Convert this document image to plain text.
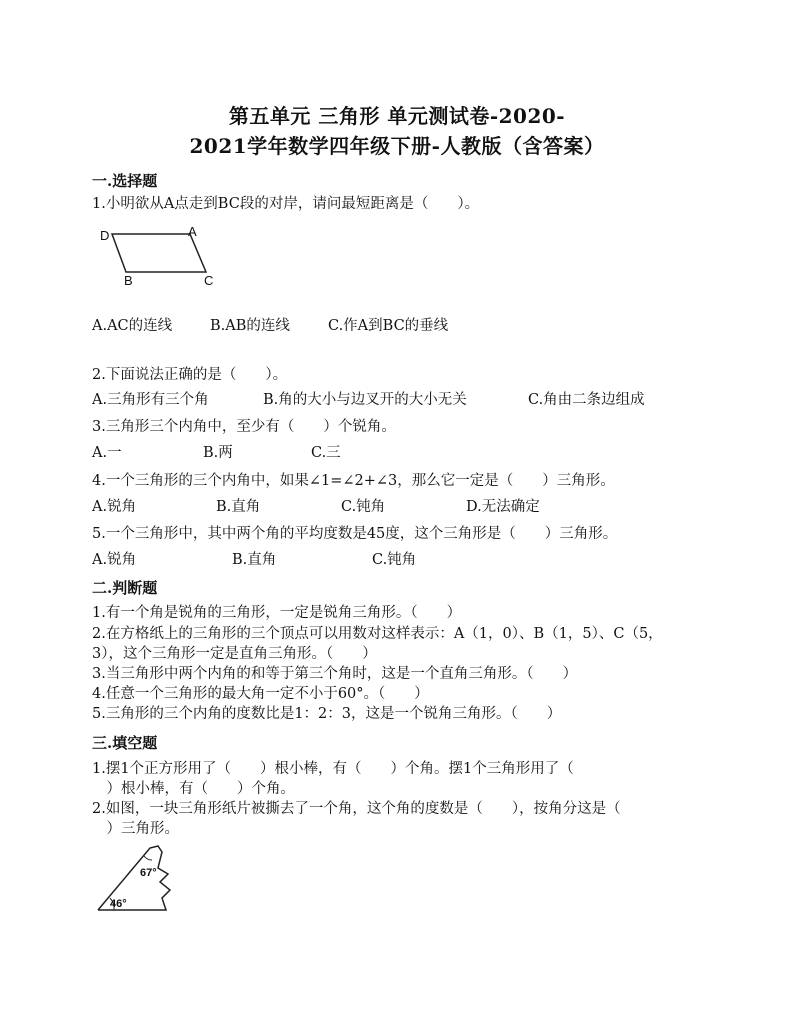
第五单元 三角形 单元测试卷-2020-
2021学年数学四年级下册-人教版（含答案）
一.选择题
1.小明欲从A点走到BC段的对岸，请问最短距离是（　　）。
D	A
B	C
A.AC的连线	B.AB的连线	C.作A到BC的垂线
2.下面说法正确的是（　　）。
A.三角形有三个角	B.角的大小与边叉开的大小无关	C.角由二条边组成
3.三角形三个内角中，至少有（　　）个锐角。
A.一	B.两	C.三
4.一个三角形的三个内角中，如果∠1=∠2+∠3，那么它一定是（　　）三角形。
A.锐角	B.直角	C.钝角	D.无法确定
5.一个三角形中，其中两个角的平均度数是45度，这个三角形是（　　）三角形。
A.锐角	B.直角	C.钝角
二.判断题
1.有一个角是锐角的三角形，一定是锐角三角形。（　　）
2.在方格纸上的三角形的三个顶点可以用数对这样表示：A（1，0）、B（1，5）、C（5，
3），这个三角形一定是直角三角形。（　　）
3.当三角形中两个内角的和等于第三个角时，这是一个直角三角形。（　　）
4.任意一个三角形的最大角一定不小于60°。（　　）
5.三角形的三个内角的度数比是1：2：3，这是一个锐角三角形。（　　）
三.填空题
1.摆1个正方形用了（　　）根小棒，有（　　）个角。摆1个三角形用了（
　）根小棒，有（　　）个角。
2.如图，一块三角形纸片被撕去了一个角，这个角的度数是（　　），按角分这是（
　）三角形。
67°
46°
